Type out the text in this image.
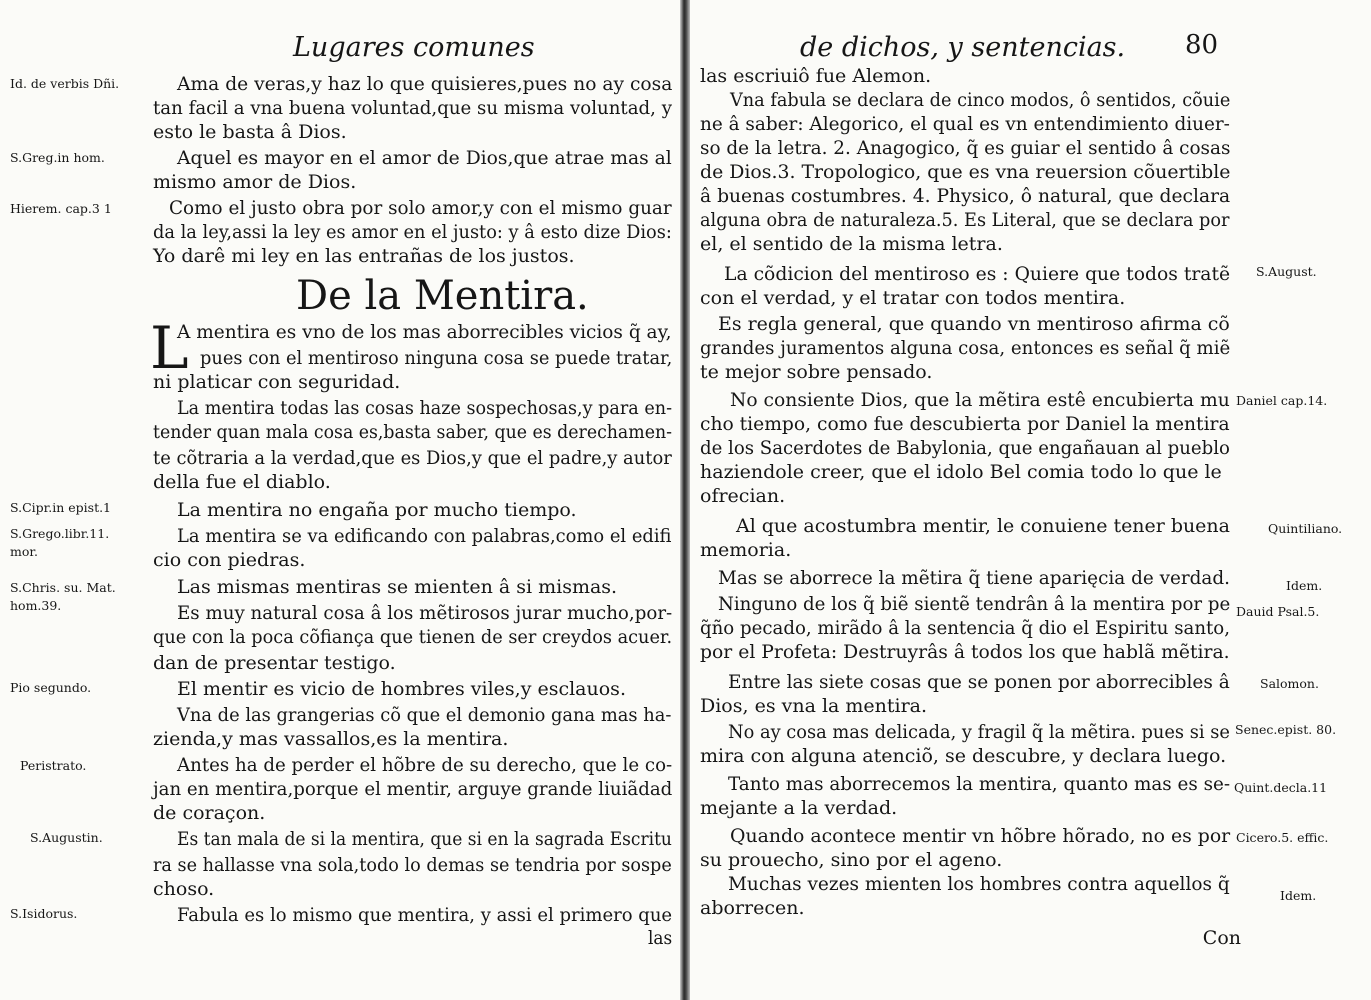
Lugares comunes
De la Mentira.
L
Ama de veras,y haz lo que quisieres,pues no ay cosa
tan facil a vna buena voluntad,que su misma voluntad, y
esto le basta â Dios.
Aquel es mayor en el amor de Dios,que atrae mas al
mismo amor de Dios.
Como el justo obra por solo amor,y con el mismo guar
da la ley,assi la ley es amor en el justo: y â esto dize Dios:
Yo darê mi ley en las entrañas de los justos.
A mentira es vno de los mas aborrecibles vicios q̃ ay,
pues con el mentiroso ninguna cosa se puede tratar,
ni platicar con seguridad.
La mentira todas las cosas haze sospechosas,y para en-
tender quan mala cosa es,basta saber, que es derechamen-
te cõtraria a la verdad,que es Dios,y que el padre,y autor
della fue el diablo.
La mentira no engaña por mucho tiempo.
La mentira se va edificando con palabras,como el edifi
cio con piedras.
Las mismas mentiras se mienten â si mismas.
Es muy natural cosa â los mẽtirosos jurar mucho,por-
que con la poca cõfiança que tienen de ser creydos acuer.
dan de presentar testigo.
El mentir es vicio de hombres viles,y esclauos.
Vna de las grangerias cõ que el demonio gana mas ha-
zienda,y mas vassallos,es la mentira.
Antes ha de perder el hõbre de su derecho, que le co-
jan en mentira,porque el mentir, arguye grande liuiãdad
de coraçon.
Es tan mala de si la mentira, que si en la sagrada Escritu
ra se hallasse vna sola,todo lo demas se tendria por sospe
choso.
Fabula es lo mismo que mentira, y assi el primero que
las
Id. de verbis Dñi.
S.Greg.in hom.
Hierem. cap.3 1
S.Cipr.in epist.1
S.Grego.libr.11.
mor.
S.Chris. su. Mat.
hom.39.
Pio segundo.
Peristrato.
S.Augustin.
S.Isidorus.
de dichos, y sentencias. 80
las escriuiô fue Alemon.
Vna fabula se declara de cinco modos, ô sentidos, cõuie
ne â saber: Alegorico, el qual es vn entendimiento diuer-
so de la letra. 2. Anagogico, q̃ es guiar el sentido â cosas
de Dios.3. Tropologico, que es vna reuersion cõuertible
â buenas costumbres. 4. Physico, ô natural, que declara
alguna obra de naturaleza.5. Es Literal, que se declara por
el, el sentido de la misma letra.
La cõdicion del mentiroso es : Quiere que todos tratẽ
con el verdad, y el tratar con todos mentira.
Es regla general, que quando vn mentiroso afirma cõ
grandes juramentos alguna cosa, entonces es señal q̃ miẽ
te mejor sobre pensado.
No consiente Dios, que la mẽtira estê encubierta mu
cho tiempo, como fue descubierta por Daniel la mentira
de los Sacerdotes de Babylonia, que engañauan al pueblo
haziendole creer, que el idolo Bel comia todo lo que le
ofrecian.
Al que acostumbra mentir, le conuiene tener buena
memoria.
Mas se aborrece la mẽtira q̃ tiene aparięcia de verdad.
Ninguno de los q̃ biẽ sientẽ tendrân â la mentira por pe
q̃ño pecado, mirãdo â la sentencia q̃ dio el Espiritu santo,
por el Profeta: Destruyrâs â todos los que hablã mẽtira.
Entre las siete cosas que se ponen por aborrecibles â
Dios, es vna la mentira.
No ay cosa mas delicada, y fragil q̃ la mẽtira. pues si se
mira con alguna atenciõ, se descubre, y declara luego.
Tanto mas aborrecemos la mentira, quanto mas es se-
mejante a la verdad.
Quando acontece mentir vn hõbre hõrado, no es por
su prouecho, sino por el ageno.
Muchas vezes mienten los hombres contra aquellos q̃
aborrecen.
S.August.
Daniel cap.14.
Quintiliano.
Idem.
Dauid Psal.5.
Salomon.
Senec.epist. 80.
Quint.decla.11
Cicero.5. effic.
Idem.
Con
